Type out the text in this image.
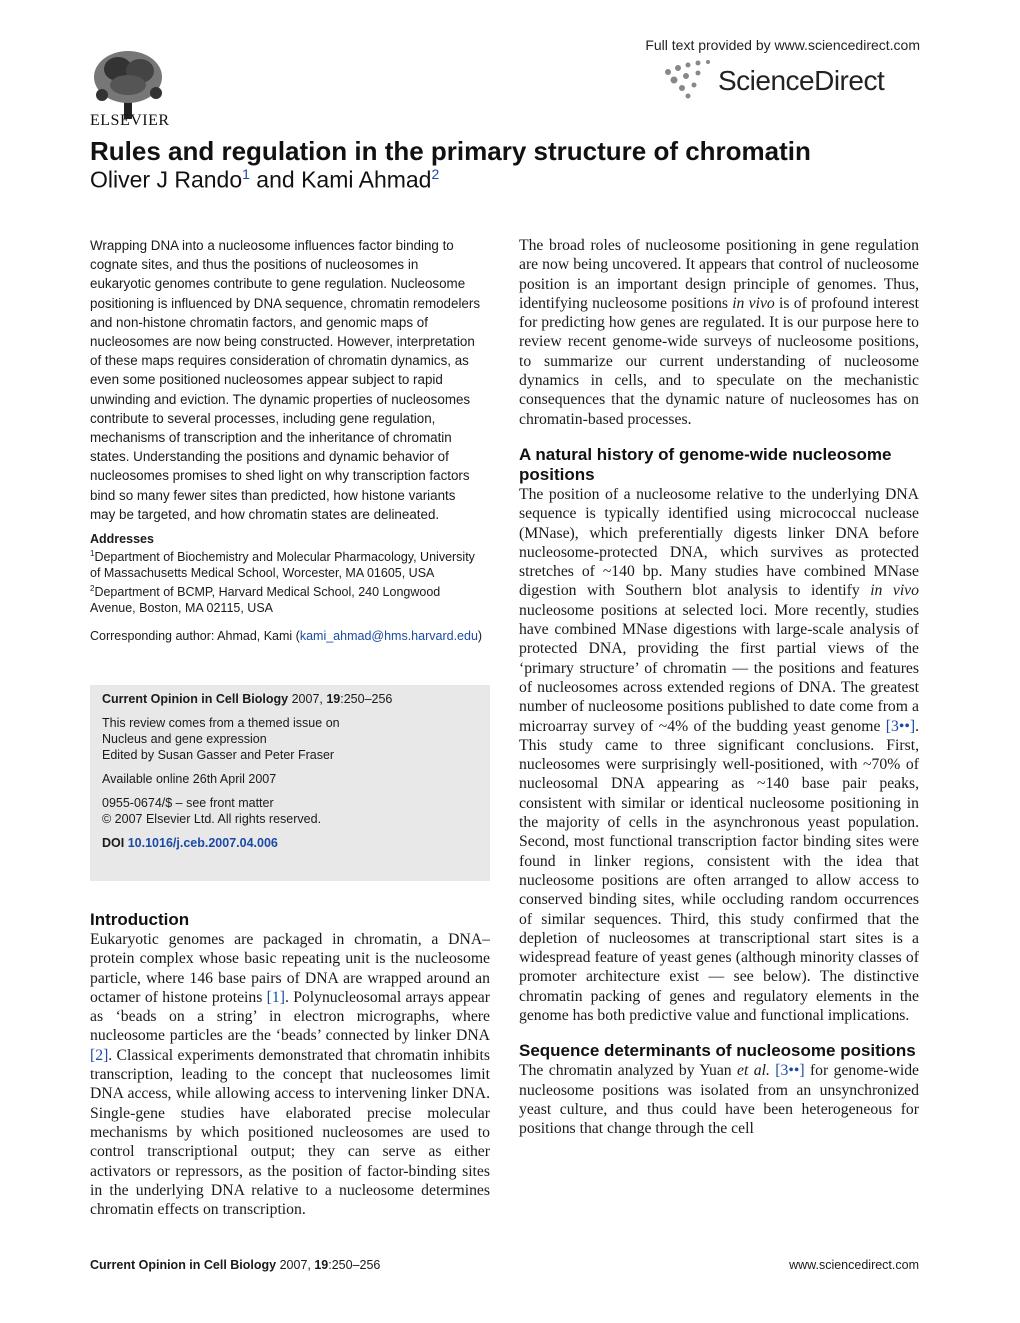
ELSEVIER
Full text provided by www.sciencedirect.com
ScienceDirect
Rules and regulation in the primary structure of chromatin
Oliver J Rando$^1$ and Kami Ahmad$^2$

Wrapping DNA into a nucleosome influences factor binding to cognate sites, and thus the positions of nucleosomes in eukaryotic genomes contribute to gene regulation. Nucleosome positioning is influenced by DNA sequence, chromatin remodelers and non-histone chromatin factors, and genomic maps of nucleosomes are now being constructed. However, interpretation of these maps requires consideration of chromatin dynamics, as even some positioned nucleosomes appear subject to rapid unwinding and eviction. The dynamic properties of nucleosomes contribute to several processes, including gene regulation, mechanisms of transcription and the inheritance of chromatin states. Understanding the positions and dynamic behavior of nucleosomes promises to shed light on why transcription factors bind so many fewer sites than predicted, how histone variants may be targeted, and how chromatin states are delineated.

Addresses

$^1$Department of Biochemistry and Molecular Pharmacology, University of Massachusetts Medical School, Worcester, MA 01605, USA

$^2$Department of BCMP, Harvard Medical School, 240 Longwood Avenue, Boston, MA 02115, USA

Corresponding author: Ahmad, Kami (kami_ahmad@hms.harvard.edu)

Current Opinion in Cell Biology 2007, 19:250–256

This review comes from a themed issue on
Nucleus and gene expression
Edited by Susan Gasser and Peter Fraser

Available online 26th April 2007

0955-0674/$ – see front matter
© 2007 Elsevier Ltd. All rights reserved.

DOI 10.1016/j.ceb.2007.04.006

Introduction

Eukaryotic genomes are packaged in chromatin, a DNA–protein complex whose basic repeating unit is the nucleosome particle, where 146 base pairs of DNA are wrapped around an octamer of histone proteins [1]. Polynucleosomal arrays appear as ‘beads on a string’ in electron micrographs, where nucleosome particles are the ‘beads’ connected by linker DNA [2]. Classical experiments demonstrated that chromatin inhibits transcription, leading to the concept that nucleosomes limit DNA access, while allowing access to intervening linker DNA. Single-gene studies have elaborated precise molecular mechanisms by which positioned nucleosomes are used to control transcriptional output; they can serve as either activators or repressors, as the position of factor-binding sites in the underlying DNA relative to a nucleosome determines chromatin effects on transcription.

The broad roles of nucleosome positioning in gene regulation are now being uncovered. It appears that control of nucleosome position is an important design principle of genomes. Thus, identifying nucleosome positions in vivo is of profound interest for predicting how genes are regulated. It is our purpose here to review recent genome-wide surveys of nucleosome positions, to summarize our current understanding of nucleosome dynamics in cells, and to speculate on the mechanistic consequences that the dynamic nature of nucleosomes has on chromatin-based processes.

A natural history of genome-wide nucleosome positions

The position of a nucleosome relative to the underlying DNA sequence is typically identified using micrococcal nuclease (MNase), which preferentially digests linker DNA before nucleosome-protected DNA, which survives as protected stretches of ~140 bp. Many studies have combined MNase digestion with Southern blot analysis to identify in vivo nucleosome positions at selected loci. More recently, studies have combined MNase digestions with large-scale analysis of protected DNA, providing the first partial views of the ‘primary structure’ of chromatin — the positions and features of nucleosomes across extended regions of DNA. The greatest number of nucleosome positions published to date come from a microarray survey of ~4% of the budding yeast genome [3••]. This study came to three significant conclusions. First, nucleosomes were surprisingly well-positioned, with ~70% of nucleosomal DNA appearing as ~140 base pair peaks, consistent with similar or identical nucleosome positioning in the majority of cells in the asynchronous yeast population. Second, most functional transcription factor binding sites were found in linker regions, consistent with the idea that nucleosome positions are often arranged to allow access to conserved binding sites, while occluding random occurrences of similar sequences. Third, this study confirmed that the depletion of nucleosomes at transcriptional start sites is a widespread feature of yeast genes (although minority classes of promoter architecture exist — see below). The distinctive chromatin packing of genes and regulatory elements in the genome has both predictive value and functional implications.

Sequence determinants of nucleosome positions

The chromatin analyzed by Yuan et al. [3••] for genome-wide nucleosome positions was isolated from an unsynchronized yeast culture, and thus could have been heterogeneous for positions that change through the cell

Current Opinion in Cell Biology 2007, 19:250–256	www.sciencedirect.com
